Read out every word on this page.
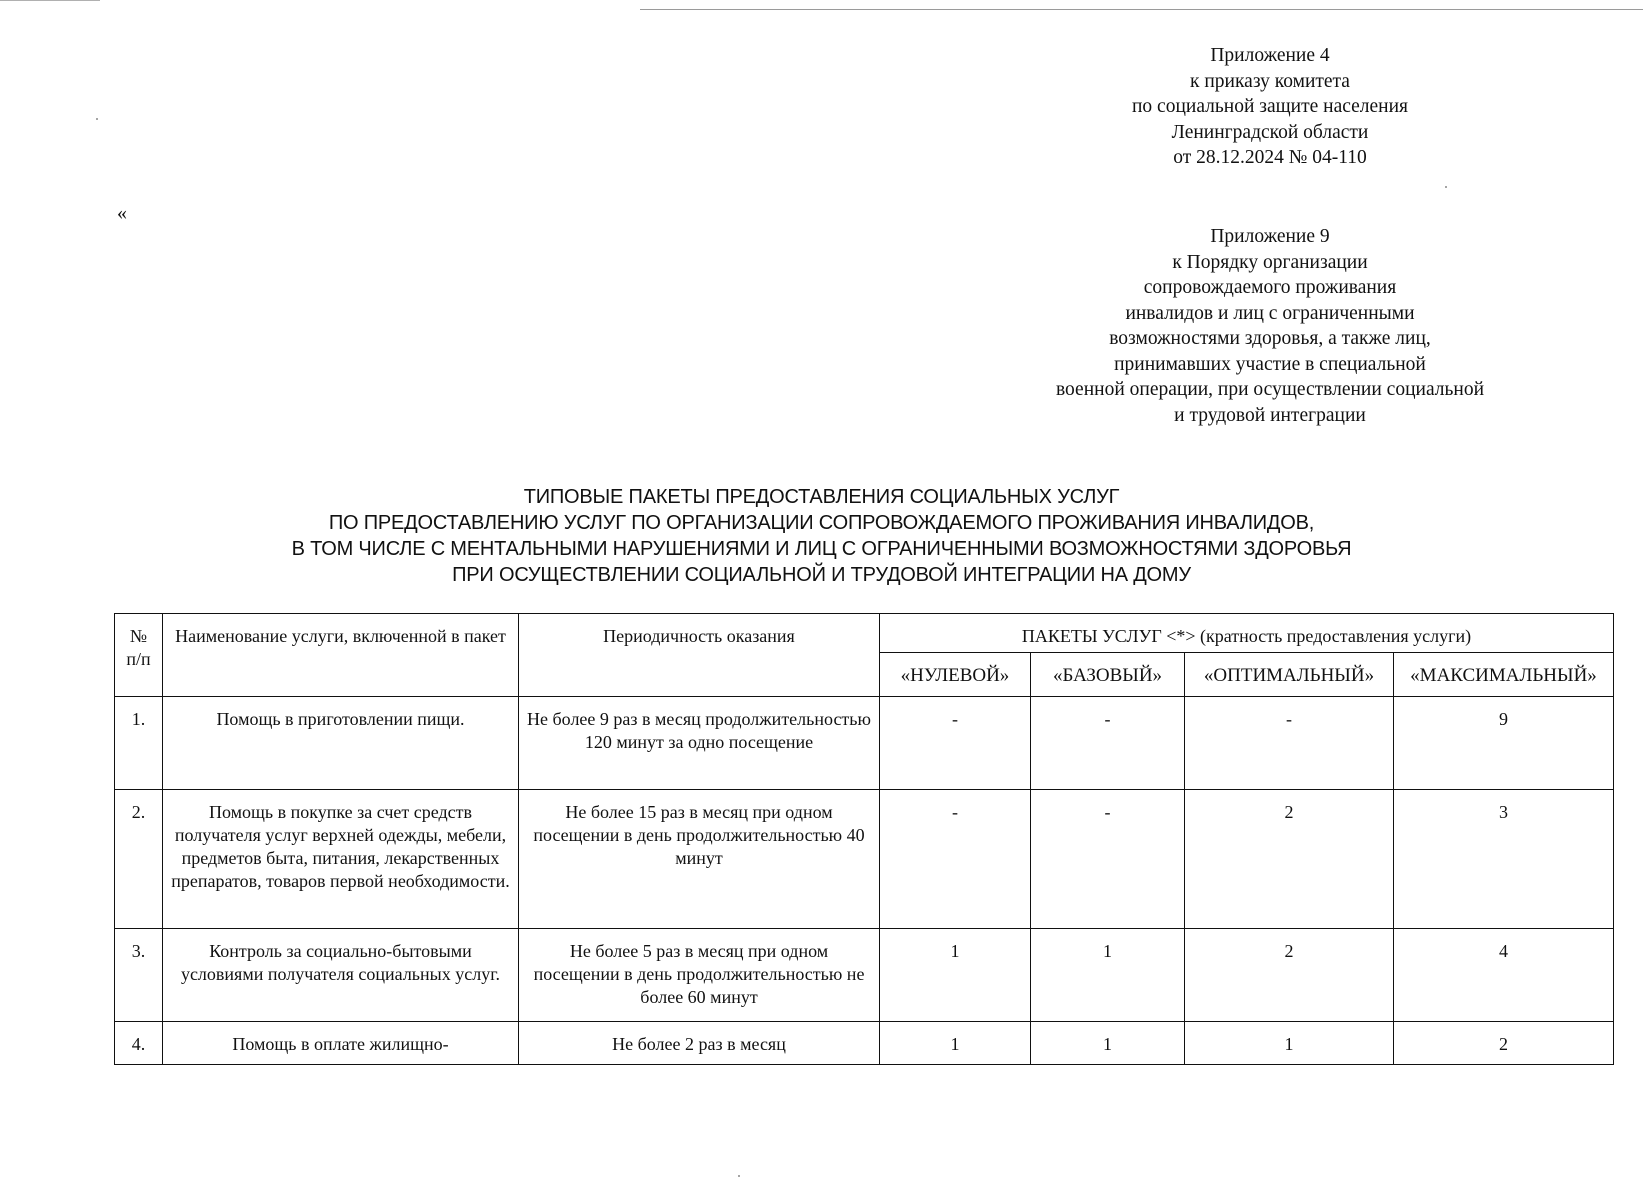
Приложение 4
к приказу комитета
по социальной защите населения
Ленинградской области
от 28.12.2024 № 04-110
«
Приложение 9
к Порядку организации
сопровождаемого проживания
инвалидов и лиц с ограниченными
возможностями здоровья, а также лиц,
принимавших участие в специальной
военной операции, при осуществлении социальной
и трудовой интеграции
ТИПОВЫЕ ПАКЕТЫ ПРЕДОСТАВЛЕНИЯ СОЦИАЛЬНЫХ УСЛУГ
ПО ПРЕДОСТАВЛЕНИЮ УСЛУГ ПО ОРГАНИЗАЦИИ СОПРОВОЖДАЕМОГО ПРОЖИВАНИЯ ИНВАЛИДОВ,
В ТОМ ЧИСЛЕ С МЕНТАЛЬНЫМИ НАРУШЕНИЯМИ И ЛИЦ С ОГРАНИЧЕННЫМИ ВОЗМОЖНОСТЯМИ ЗДОРОВЬЯ
ПРИ ОСУЩЕСТВЛЕНИИ СОЦИАЛЬНОЙ И ТРУДОВОЙ ИНТЕГРАЦИИ НА ДОМУ
№ п/п	Наименование услуги, включенной в пакет	Периодичность оказания	ПАКЕТЫ УСЛУГ <*> (кратность предоставления услуги)			
			«НУЛЕВОЙ»	«БАЗОВЫЙ»	«ОПТИМАЛЬНЫЙ»	«МАКСИМАЛЬНЫЙ»
1.	Помощь в приготовлении пищи.	Не более 9 раз в месяц продолжительностью 120 минут за одно посещение	-	-	-	9
2.	Помощь в покупке за счет средств получателя услуг верхней одежды, мебели, предметов быта, питания, лекарственных препаратов, товаров первой необходимости.	Не более 15 раз в месяц при одном посещении в день продолжительностью 40 минут	-	-	2	3
3.	Контроль за социально-бытовыми условиями получателя социальных услуг.	Не более 5 раз в месяц при одном посещении в день продолжительностью не более 60 минут	1	1	2	4
4.	Помощь в оплате жилищно-	Не более 2 раз в месяц	1	1	1	2
